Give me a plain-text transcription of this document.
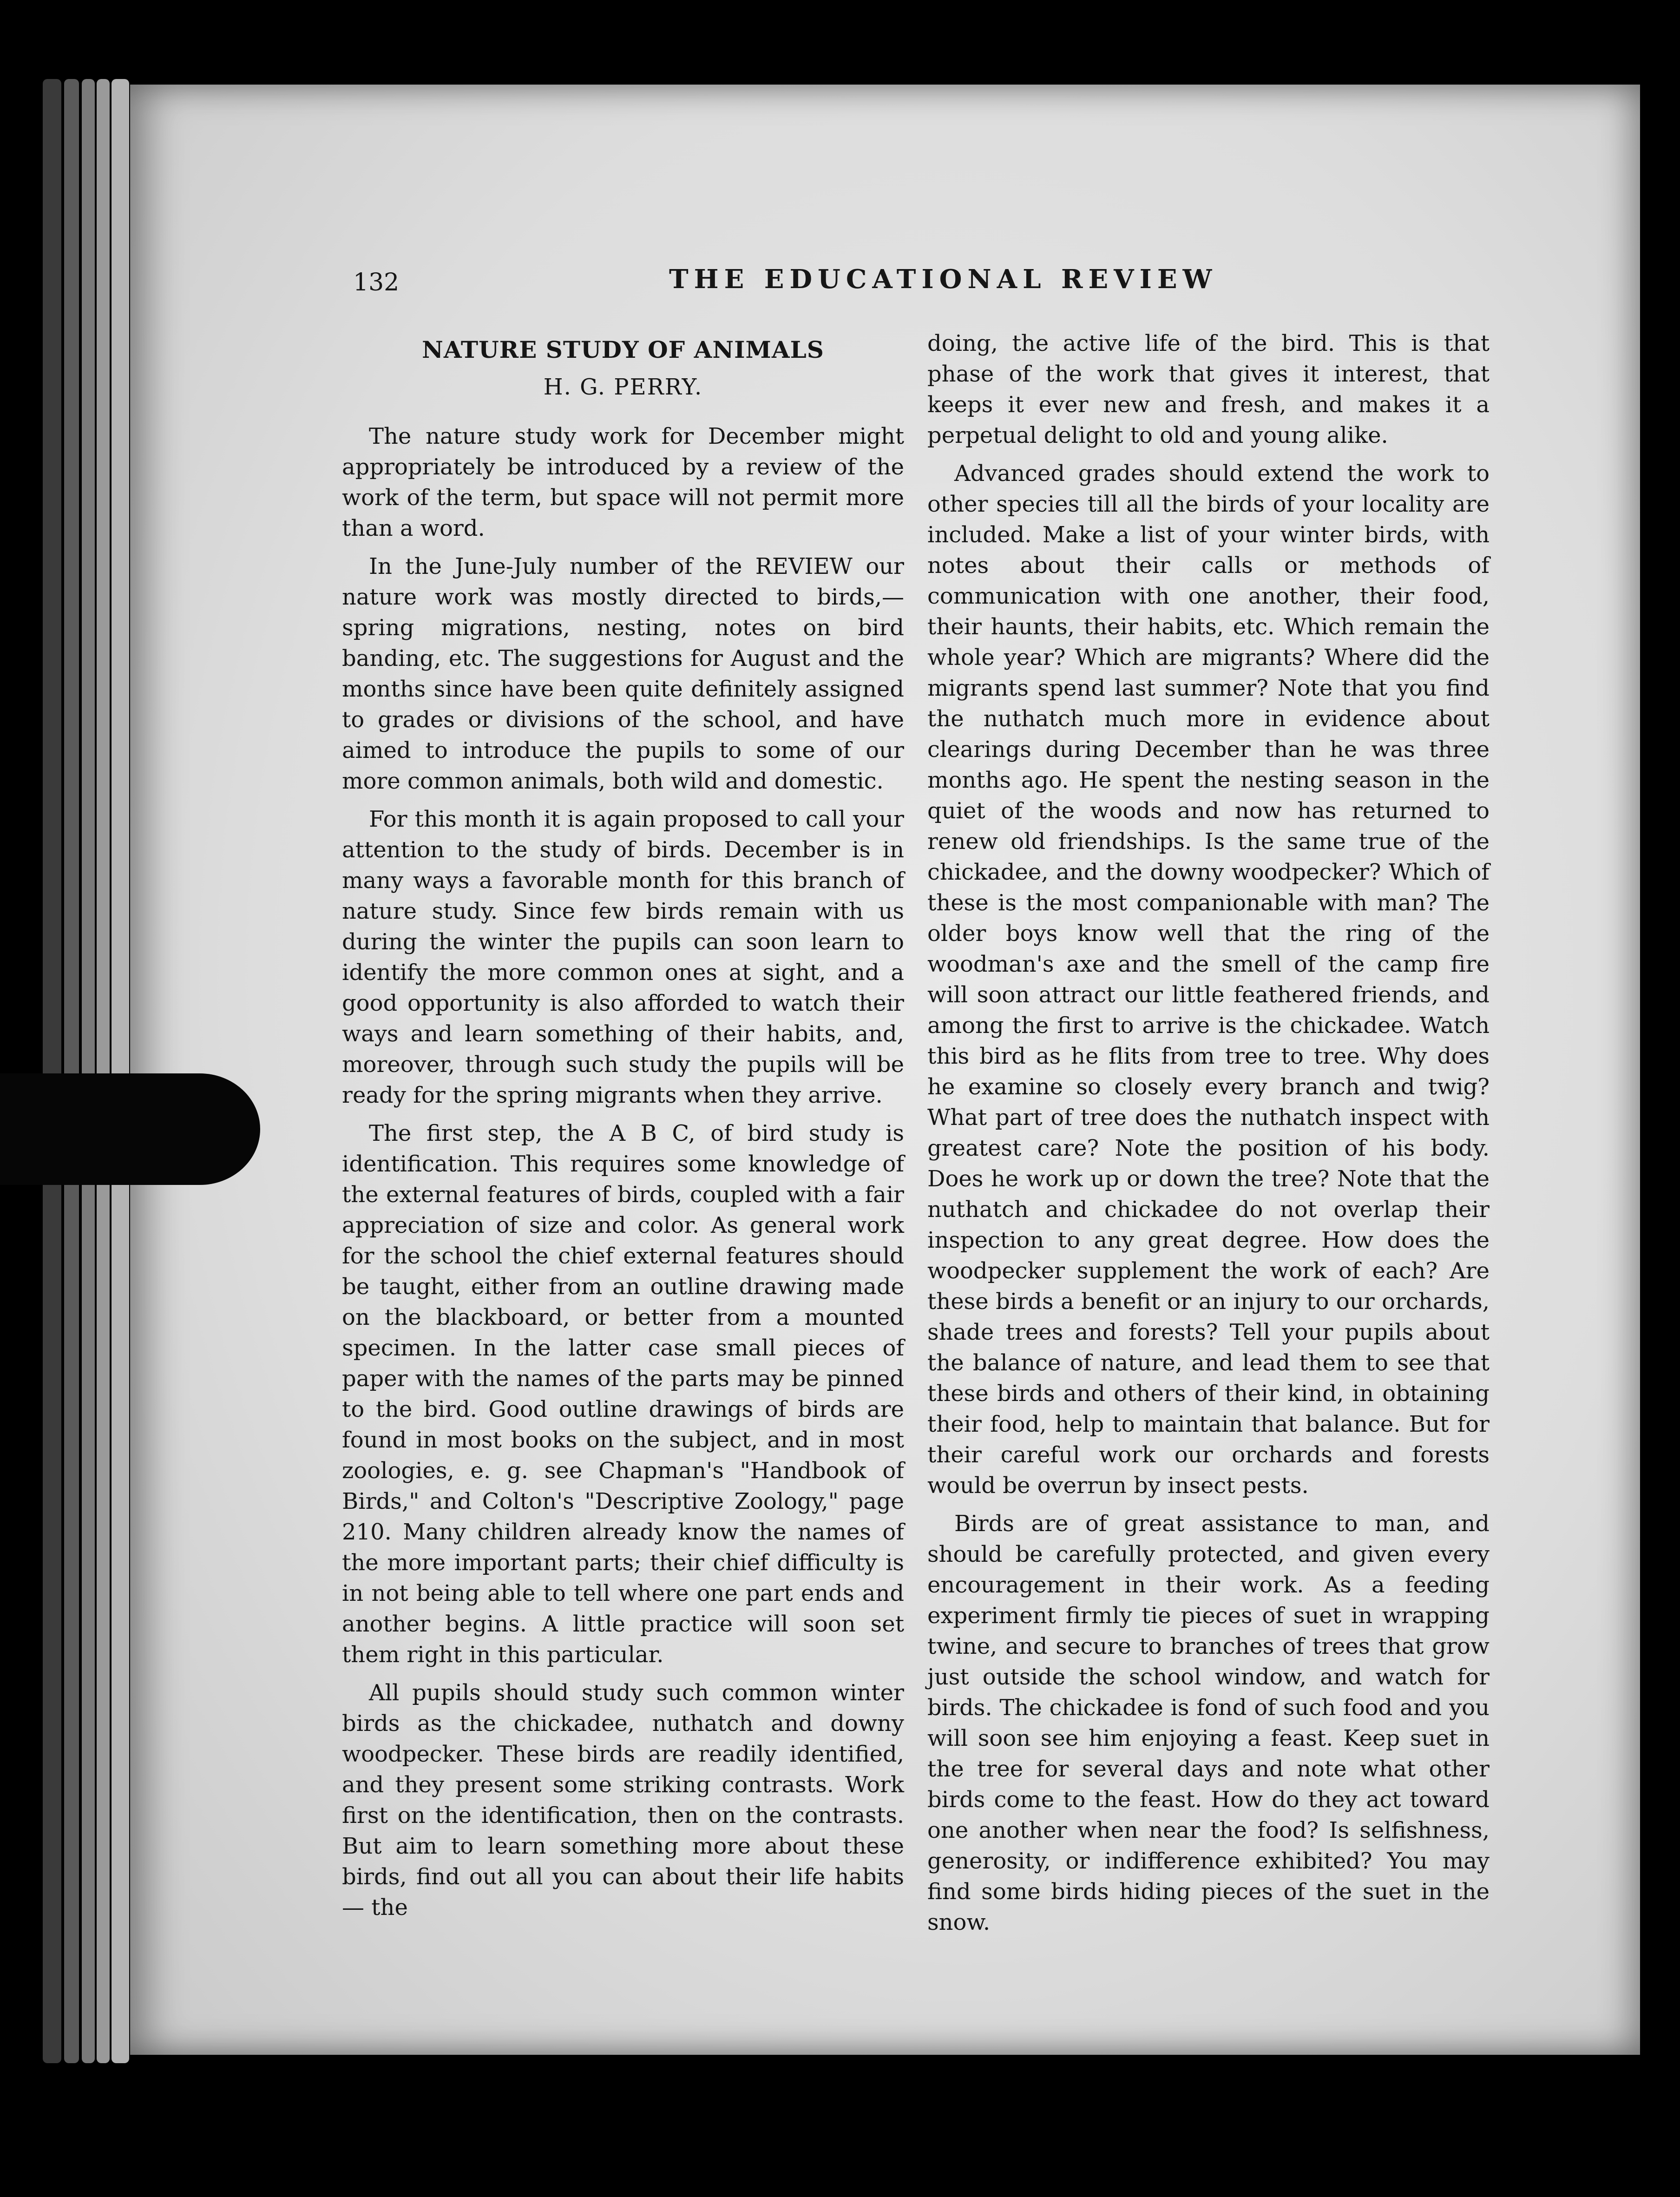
132	THE EDUCATIONAL REVIEW
NATURE STUDY OF ANIMALS
H. G. PERRY.

The nature study work for December might appropriately be introduced by a review of the work of the term, but space will not permit more than a word.

In the June-July number of the REVIEW our nature work was mostly directed to birds,—spring migrations, nesting, notes on bird banding, etc. The suggestions for August and the months since have been quite definitely assigned to grades or divisions of the school, and have aimed to introduce the pupils to some of our more common animals, both wild and domestic.

For this month it is again proposed to call your attention to the study of birds. December is in many ways a favorable month for this branch of nature study. Since few birds remain with us during the winter the pupils can soon learn to identify the more common ones at sight, and a good opportunity is also afforded to watch their ways and learn something of their habits, and, moreover, through such study the pupils will be ready for the spring migrants when they arrive.

The first step, the A B C, of bird study is identification. This requires some knowledge of the external features of birds, coupled with a fair appreciation of size and color. As general work for the school the chief external features should be taught, either from an outline drawing made on the blackboard, or better from a mounted specimen. In the latter case small pieces of paper with the names of the parts may be pinned to the bird. Good outline drawings of birds are found in most books on the subject, and in most zoologies, e. g. see Chapman's "Handbook of Birds," and Colton's "Descriptive Zoology," page 210. Many children already know the names of the more important parts; their chief difficulty is in not being able to tell where one part ends and another begins. A little practice will soon set them right in this particular.

All pupils should study such common winter birds as the chickadee, nuthatch and downy woodpecker. These birds are readily identified, and they present some striking contrasts. Work first on the identification, then on the contrasts. But aim to learn something more about these birds, find out all you can about their life habits — the

doing, the active life of the bird. This is that phase of the work that gives it interest, that keeps it ever new and fresh, and makes it a perpetual delight to old and young alike.

Advanced grades should extend the work to other species till all the birds of your locality are included. Make a list of your winter birds, with notes about their calls or methods of communication with one another, their food, their haunts, their habits, etc. Which remain the whole year? Which are migrants? Where did the migrants spend last summer? Note that you find the nuthatch much more in evidence about clearings during December than he was three months ago. He spent the nesting season in the quiet of the woods and now has returned to renew old friendships. Is the same true of the chickadee, and the downy woodpecker? Which of these is the most companionable with man? The older boys know well that the ring of the woodman's axe and the smell of the camp fire will soon attract our little feathered friends, and among the first to arrive is the chickadee. Watch this bird as he flits from tree to tree. Why does he examine so closely every branch and twig? What part of tree does the nuthatch inspect with greatest care? Note the position of his body. Does he work up or down the tree? Note that the nuthatch and chickadee do not overlap their inspection to any great degree. How does the woodpecker supplement the work of each? Are these birds a benefit or an injury to our orchards, shade trees and forests? Tell your pupils about the balance of nature, and lead them to see that these birds and others of their kind, in obtaining their food, help to maintain that balance. But for their careful work our orchards and forests would be overrun by insect pests.

Birds are of great assistance to man, and should be carefully protected, and given every encouragement in their work. As a feeding experiment firmly tie pieces of suet in wrapping twine, and secure to branches of trees that grow just outside the school window, and watch for birds. The chickadee is fond of such food and you will soon see him enjoying a feast. Keep suet in the tree for several days and note what other birds come to the feast. How do they act toward one another when near the food? Is selfishness, generosity, or indifference exhibited? You may find some birds hiding pieces of the suet in the snow.
